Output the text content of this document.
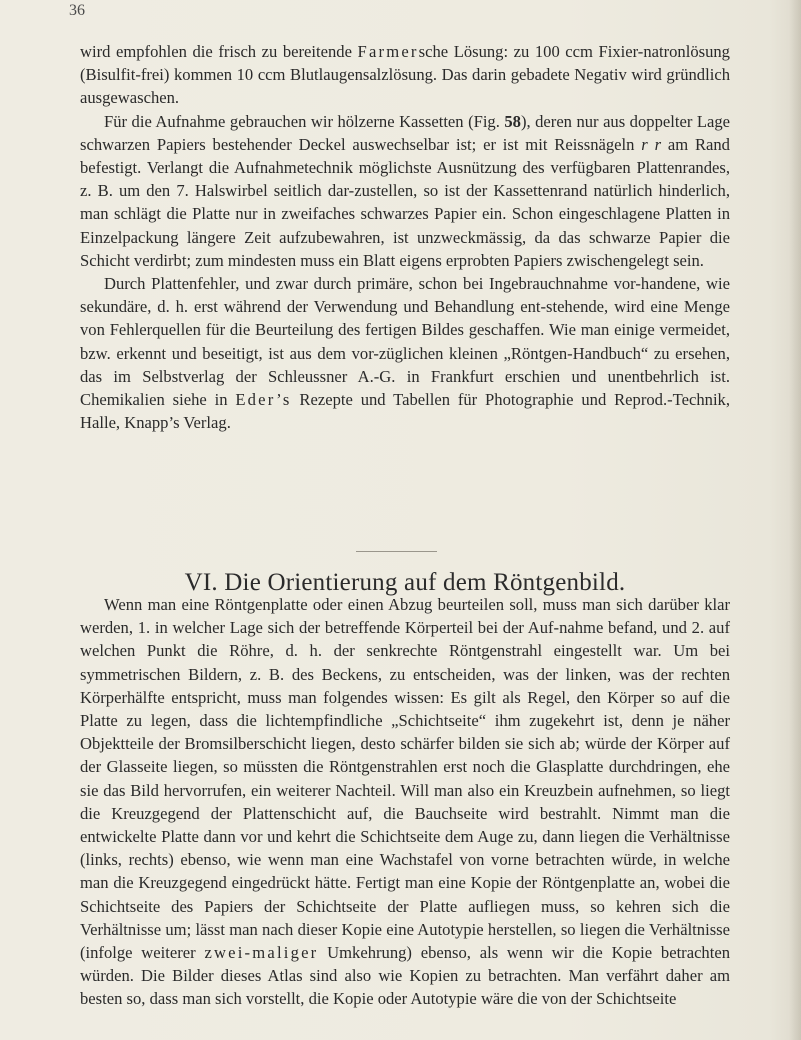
36

wird empfohlen die frisch zu bereitende Farmersche Lösung: zu 100 ccm Fixier-natronlösung (Bisulfit-frei) kommen 10 ccm Blutlaugensalzlösung. Das darin gebadete Negativ wird gründlich ausgewaschen.

Für die Aufnahme gebrauchen wir hölzerne Kassetten (Fig. 58), deren nur aus doppelter Lage schwarzen Papiers bestehender Deckel auswechselbar ist; er ist mit Reissnägeln r r am Rand befestigt. Verlangt die Aufnahmetechnik möglichste Ausnützung des verfügbaren Plattenrandes, z. B. um den 7. Halswirbel seitlich dar-zustellen, so ist der Kassettenrand natürlich hinderlich, man schlägt die Platte nur in zweifaches schwarzes Papier ein. Schon eingeschlagene Platten in Einzelpackung längere Zeit aufzubewahren, ist unzweckmässig, da das schwarze Papier die Schicht verdirbt; zum mindesten muss ein Blatt eigens erprobten Papiers zwischengelegt sein.

Durch Plattenfehler, und zwar durch primäre, schon bei Ingebrauchnahme vor-handene, wie sekundäre, d. h. erst während der Verwendung und Behandlung ent-stehende, wird eine Menge von Fehlerquellen für die Beurteilung des fertigen Bildes geschaffen. Wie man einige vermeidet, bzw. erkennt und beseitigt, ist aus dem vor-züglichen kleinen „Röntgen-Handbuch“ zu ersehen, das im Selbstverlag der Schleussner A.-G. in Frankfurt erschien und unentbehrlich ist. Chemikalien siehe in Eder’s Rezepte und Tabellen für Photographie und Reprod.-Technik, Halle, Knapp’s Verlag.

VI. Die Orientierung auf dem Röntgenbild.

Wenn man eine Röntgenplatte oder einen Abzug beurteilen soll, muss man sich darüber klar werden, 1. in welcher Lage sich der betreffende Körperteil bei der Auf-nahme befand, und 2. auf welchen Punkt die Röhre, d. h. der senkrechte Röntgenstrahl eingestellt war. Um bei symmetrischen Bildern, z. B. des Beckens, zu entscheiden, was der linken, was der rechten Körperhälfte entspricht, muss man folgendes wissen: Es gilt als Regel, den Körper so auf die Platte zu legen, dass die lichtempfindliche „Schichtseite“ ihm zugekehrt ist, denn je näher Objektteile der Bromsilberschicht liegen, desto schärfer bilden sie sich ab; würde der Körper auf der Glasseite liegen, so müssten die Röntgenstrahlen erst noch die Glasplatte durchdringen, ehe sie das Bild hervorrufen, ein weiterer Nachteil. Will man also ein Kreuzbein aufnehmen, so liegt die Kreuzgegend der Plattenschicht auf, die Bauchseite wird bestrahlt. Nimmt man die entwickelte Platte dann vor und kehrt die Schichtseite dem Auge zu, dann liegen die Verhältnisse (links, rechts) ebenso, wie wenn man eine Wachstafel von vorne betrachten würde, in welche man die Kreuzgegend eingedrückt hätte. Fertigt man eine Kopie der Röntgenplatte an, wobei die Schichtseite des Papiers der Schichtseite der Platte aufliegen muss, so kehren sich die Verhältnisse um; lässt man nach dieser Kopie eine Autotypie herstellen, so liegen die Verhältnisse (infolge weiterer zwei-maliger Umkehrung) ebenso, als wenn wir die Kopie betrachten würden. Die Bilder dieses Atlas sind also wie Kopien zu betrachten. Man verfährt daher am besten so, dass man sich vorstellt, die Kopie oder Autotypie wäre die von der Schichtseite
